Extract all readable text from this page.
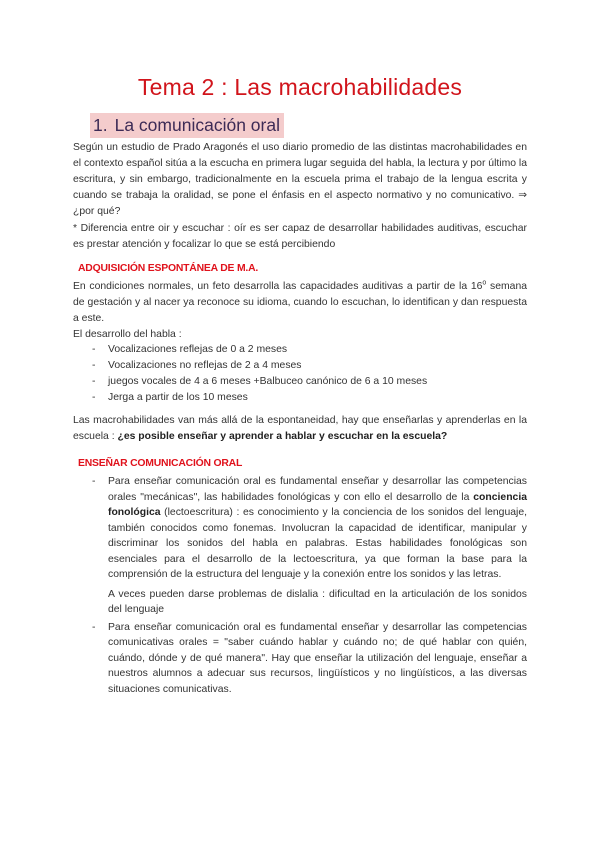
Tema 2 : Las macrohabilidades
1. La comunicación oral
Según un estudio de Prado Aragonés el uso diario promedio de las distintas macrohabilidades en el contexto español sitúa a la escucha en primera lugar seguida del habla, la lectura y por último la escritura, y sin embargo, tradicionalmente en la escuela prima el trabajo de la lengua escrita y cuando se trabaja la oralidad, se pone el énfasis en el aspecto normativo y no comunicativo. ⇒ ¿por qué?
* Diferencia entre oir y escuchar : oír es ser capaz de desarrollar habilidades auditivas, escuchar es prestar atención y focalizar lo que se está percibiendo
ADQUISICIÓN ESPONTÁNEA DE M.A.
En condiciones normales, un feto desarrolla las capacidades auditivas a partir de la 16$^o$ semana de gestación y al nacer ya reconoce su idioma, cuando lo escuchan, lo identifican y dan respuesta a este.
El desarrollo del habla :
- Vocalizaciones reflejas de 0 a 2 meses
- Vocalizaciones no reflejas de 2 a 4 meses
- juegos vocales de 4 a 6 meses +Balbuceo canónico de 6 a 10 meses
- Jerga a partir de los 10 meses
Las macrohabilidades van más allá de la espontaneidad, hay que enseñarlas y aprenderlas en la escuela : ¿es posible enseñar y aprender a hablar y escuchar en la escuela?
ENSEÑAR COMUNICACIÓN ORAL
- Para enseñar comunicación oral es fundamental enseñar y desarrollar las competencias orales "mecánicas", las habilidades fonológicas y con ello el desarrollo de la conciencia fonológica (lectoescritura) : es conocimiento y la conciencia de los sonidos del lenguaje, también conocidos como fonemas. Involucran la capacidad de identificar, manipular y discriminar los sonidos del habla en palabras. Estas habilidades fonológicas son esenciales para el desarrollo de la lectoescritura, ya que forman la base para la comprensión de la estructura del lenguaje y la conexión entre los sonidos y las letras.
A veces pueden darse problemas de dislalia : dificultad en la articulación de los sonidos del lenguaje
- Para enseñar comunicación oral es fundamental enseñar y desarrollar las competencias comunicativas orales = "saber cuándo hablar y cuándo no; de qué hablar con quién, cuándo, dónde y de qué manera". Hay que enseñar la utilización del lenguaje, enseñar a nuestros alumnos a adecuar sus recursos, lingüísticos y no lingüísticos, a las diversas situaciones comunicativas.
